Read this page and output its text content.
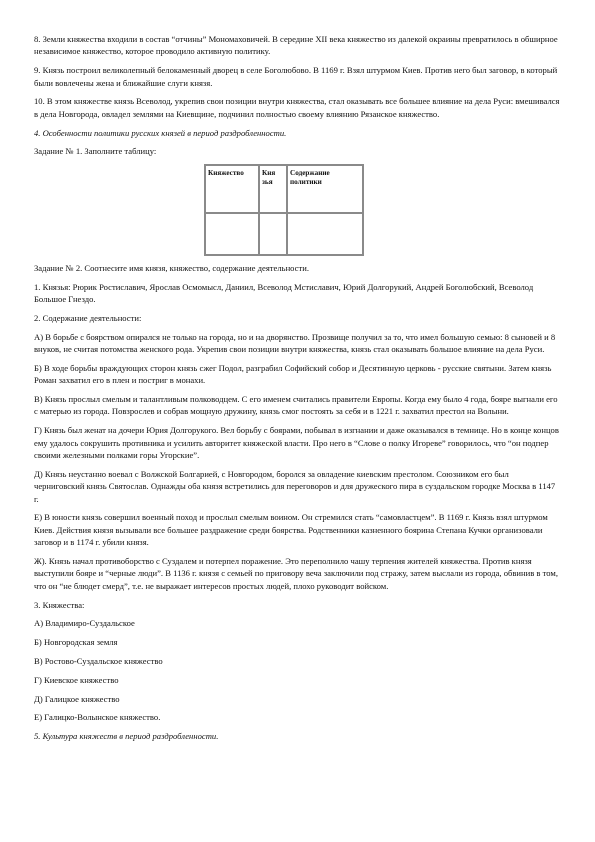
8. Земли княжества входили в состав “отчины” Мономаховичей. В середине XII века княжество из далекой окраины превратилось в обширное независимое княжество, которое проводило активную политику.

9. Князь построил великолепный белокаменный дворец в селе Боголюбово. В 1169 г. Взял штурмом Киев. Против него был заговор, в который были вовлечены жена и ближайшие слуги князя.

10. В этом княжестве князь Всеволод, укрепив свои позиции внутри княжества, стал оказывать все большее влияние на дела Руси: вмешивался в дела Новгорода, овладел землями на Киевщине, подчинил полностью своему влиянию Рязанское княжество.

4. Особенности политики русских князей в период раздробленности.

Задание № 1. Заполните таблицу:

Княжество	Кня зья	Содержание политики

Задание № 2. Соотнесите имя князя, княжество, содержание деятельности.

1. Князья: Рюрик Ростиславич, Ярослав Осмомысл, Даниил, Всеволод Мстиславич, Юрий Долгорукий, Андрей Боголюбский, Всеволод Большое Гнездо.

2. Содержание деятельности:

А) В борьбе с боярством опирался не только на города, но и на дворянство. Прозвище получил за то, что имел большую семью: 8 сыновей и 8 внуков, не считая потомства женского рода. Укрепив свои позиции внутри княжества, князь стал оказывать большое влияние на дела Руси.

Б) В ходе борьбы враждующих сторон князь сжег Подол, разграбил Софийский собор и Десятинную церковь - русские святыни. Затем князь Роман захватил его в плен и постриг в монахи.

В) Князь прослыл смелым и талантливым полководцем. С его именем считались правители Европы. Когда ему было 4 года, бояре выгнали его с матерью из города. Повзрослев и собрав мощную дружину, князь смог постоять за себя и в 1221 г. захватил престол на Волыни.

Г) Князь был женат на дочери Юрия Долгорукого. Вел борьбу с боярами, побывал в изгнании и даже оказывался в темнице. Но в конце концов ему удалось сокрушить противника и усилить авторитет княжеской власти. Про него в “Слове о полку Игореве” говорилось, что “он подпер своими железными полками горы Угорские”.

Д) Князь неустанно воевал с Волжской Болгарией, с Новгородом, боролся за овладение киевским престолом. Союзником его был черниговский князь Святослав. Однажды оба князя встретились для переговоров и для дружеского пира в суздальском городке Москва в 1147 г.

Е) В юности князь совершил военный поход и прослыл смелым воином. Он стремился стать “самовластцем”. В 1169 г. Князь взял штурмом Киев. Действия князя вызывали все большее раздражение среди боярства. Родственники казненного боярина Степана Кучки организовали заговор и в 1174 г. убили князя.

Ж). Князь начал противоборство с Суздалем и потерпел поражение. Это переполнило чашу терпения жителей княжества. Против князя выступили бояре и “черные люди”. В 1136 г. князя с семьей по приговору веча заключили под стражу, затем выслали из города, обвинив в том, что он “не блюдет смерд”, т.е. не выражает интересов простых людей, плохо руководит войском.

3. Княжества:

А) Владимиро-Суздальское

Б) Новгородская земля

В) Ростово-Суздальское княжество

Г) Киевское княжество

Д) Галицкое княжество

Е) Галицко-Волынское княжество.

5. Культура княжеств в период раздробленности.
